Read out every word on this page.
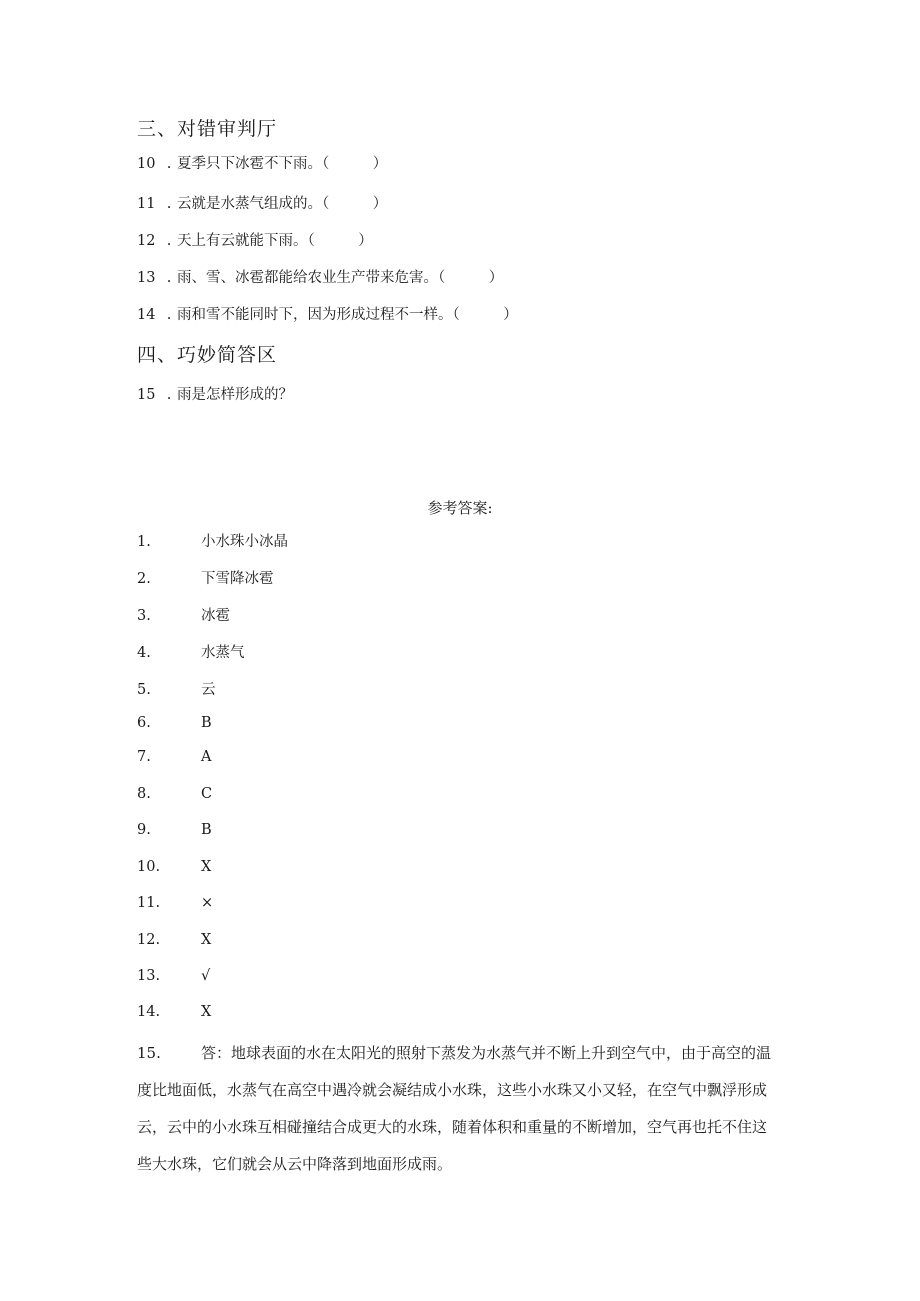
三、对错审判厅
10 . 夏季只下冰雹不下雨。（　　　）
11 . 云就是水蒸气组成的。（　　　）
12 . 天上有云就能下雨。（　　　）
13 . 雨、雪、冰雹都能给农业生产带来危害。（　　　）
14 . 雨和雪不能同时下，因为形成过程不一样。（　　　）
四、巧妙简答区
15 . 雨是怎样形成的？
参考答案:
1.	小水珠小冰晶
2.	下雪降冰雹
3.	冰雹
4.	水蒸气
5.	云
6.	B
7.	A
8.	C
9.	B
10.	X
11.	×
12.	X
13.	√
14.	X
15.	答：地球表面的水在太阳光的照射下蒸发为水蒸气并不断上升到空气中，由于高空的温度比地面低，水蒸气在高空中遇冷就会凝结成小水珠，这些小水珠又小又轻，在空气中飘浮形成云，云中的小水珠互相碰撞结合成更大的水珠，随着体积和重量的不断增加，空气再也托不住这些大水珠，它们就会从云中降落到地面形成雨。
